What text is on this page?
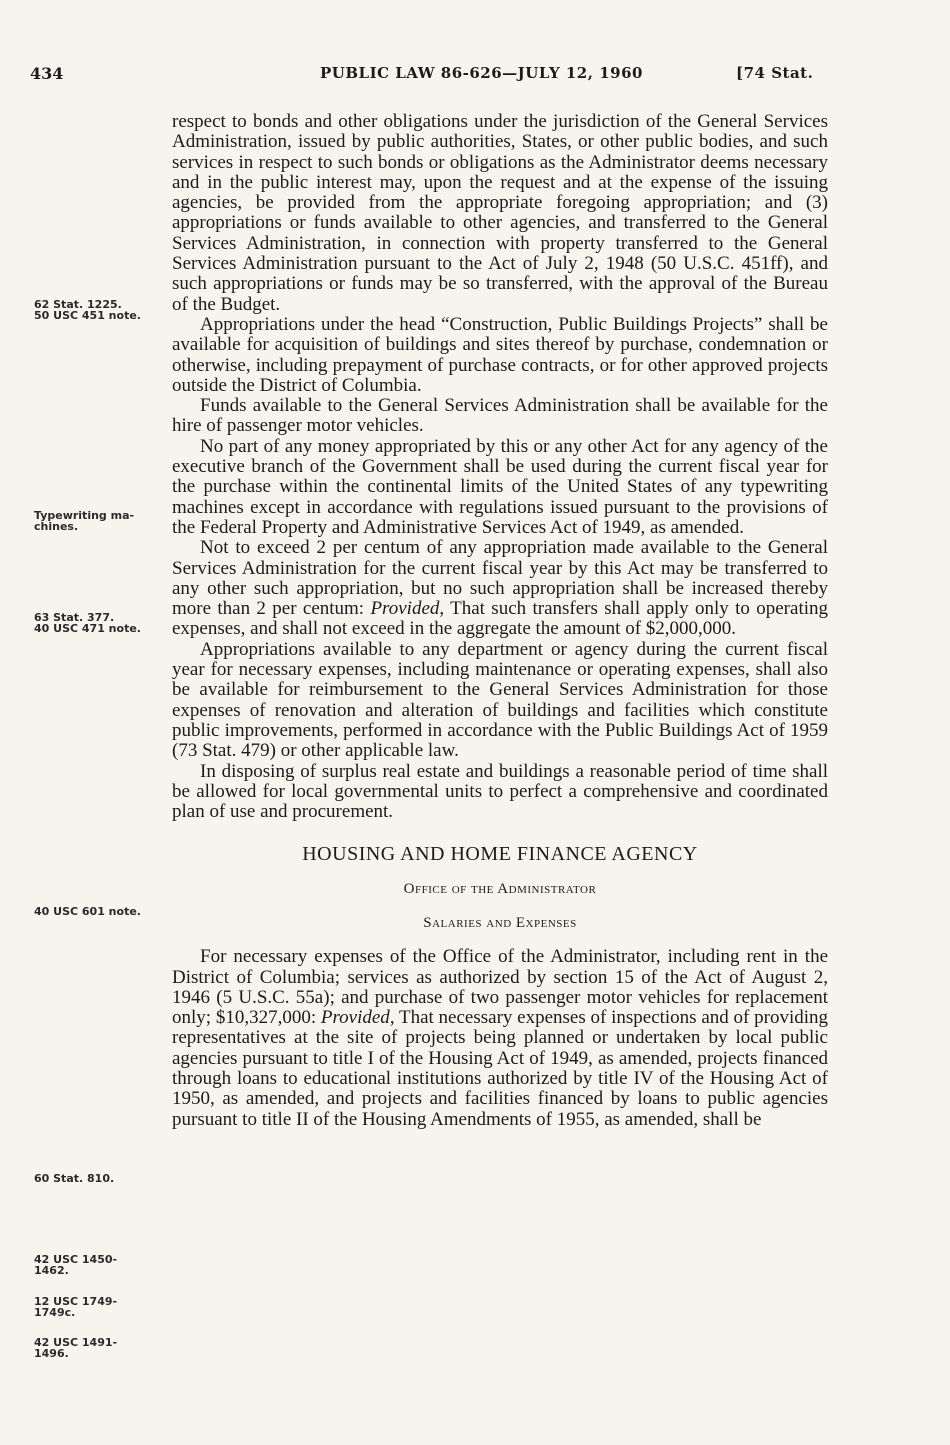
434	PUBLIC LAW 86-626—JULY 12, 1960	[74 Stat.
62 Stat. 1225.
50 USC 451 note.
Typewriting ma-
chines.
63 Stat. 377.
40 USC 471 note.
40 USC 601 note.
60 Stat. 810.
42 USC 1450-
1462.
12 USC 1749-
1749c.
42 USC 1491-
1496.

respect to bonds and other obligations under the jurisdiction of the General Services Administration, issued by public authorities, States, or other public bodies, and such services in respect to such bonds or obligations as the Administrator deems necessary and in the public interest may, upon the request and at the expense of the issuing agencies, be provided from the appropriate foregoing appropriation; and (3) appropriations or funds available to other agencies, and transferred to the General Services Administration, in connection with property transferred to the General Services Administration pursuant to the Act of July 2, 1948 (50 U.S.C. 451ff), and such appropriations or funds may be so transferred, with the approval of the Bureau of the Budget.

Appropriations under the head “Construction, Public Buildings Projects” shall be available for acquisition of buildings and sites thereof by purchase, condemnation or otherwise, including prepayment of purchase contracts, or for other approved projects outside the District of Columbia.

Funds available to the General Services Administration shall be available for the hire of passenger motor vehicles.

No part of any money appropriated by this or any other Act for any agency of the executive branch of the Government shall be used during the current fiscal year for the purchase within the continental limits of the United States of any typewriting machines except in accordance with regulations issued pursuant to the provisions of the Federal Property and Administrative Services Act of 1949, as amended.

Not to exceed 2 per centum of any appropriation made available to the General Services Administration for the current fiscal year by this Act may be transferred to any other such appropriation, but no such appropriation shall be increased thereby more than 2 per centum: Provided, That such transfers shall apply only to operating expenses, and shall not exceed in the aggregate the amount of $2,000,000.

Appropriations available to any department or agency during the current fiscal year for necessary expenses, including maintenance or operating expenses, shall also be available for reimbursement to the General Services Administration for those expenses of renovation and alteration of buildings and facilities which constitute public improvements, performed in accordance with the Public Buildings Act of 1959 (73 Stat. 479) or other applicable law.

In disposing of surplus real estate and buildings a reasonable period of time shall be allowed for local governmental units to perfect a comprehensive and coordinated plan of use and procurement.

HOUSING AND HOME FINANCE AGENCY
Office of the Administrator
Salaries and Expenses

For necessary expenses of the Office of the Administrator, including rent in the District of Columbia; services as authorized by section 15 of the Act of August 2, 1946 (5 U.S.C. 55a); and purchase of two passenger motor vehicles for replacement only; $10,327,000: Provided, That necessary expenses of inspections and of providing representatives at the site of projects being planned or undertaken by local public agencies pursuant to title I of the Housing Act of 1949, as amended, projects financed through loans to educational institutions authorized by title IV of the Housing Act of 1950, as amended, and projects and facilities financed by loans to public agencies pursuant to title II of the Housing Amendments of 1955, as amended, shall be
